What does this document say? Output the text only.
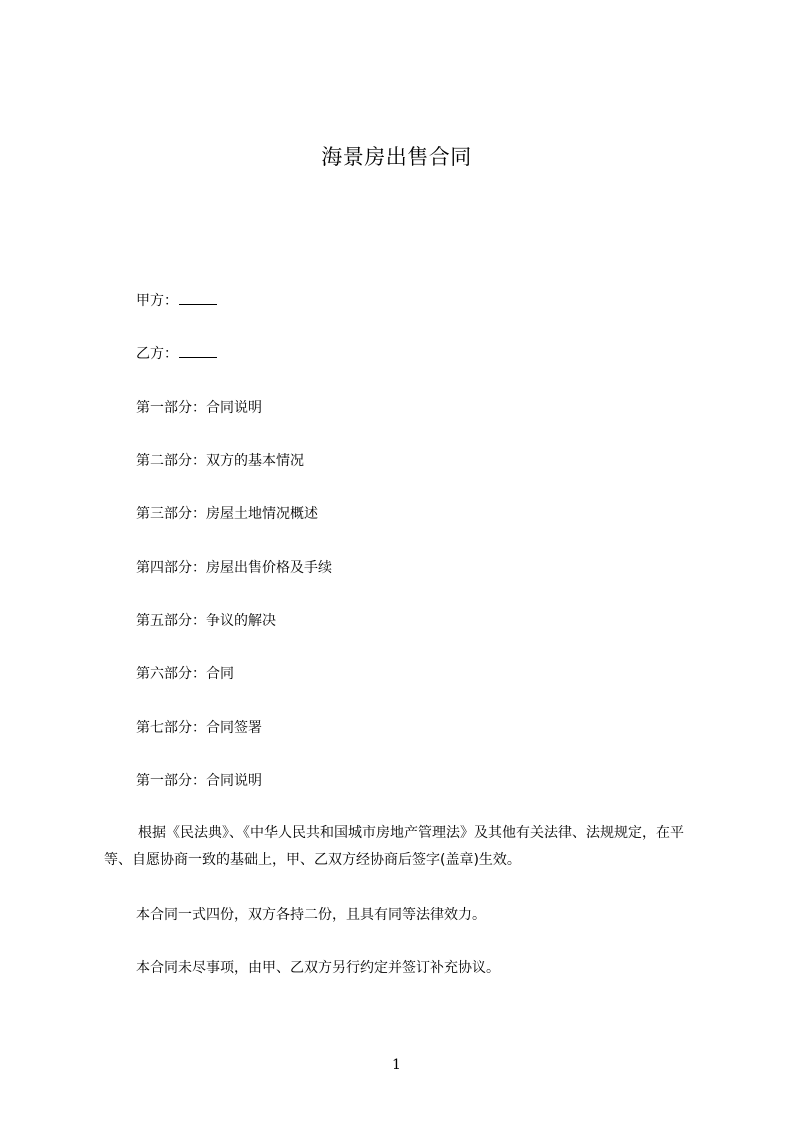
海景房出售合同
甲方：
乙方：
第一部分：合同说明
第二部分：双方的基本情况
第三部分：房屋土地情况概述
第四部分：房屋出售价格及手续
第五部分：争议的解决
第六部分：合同
第七部分：合同签署
第一部分：合同说明
根据《民法典》、《中华人民共和国城市房地产管理法》及其他有关法律、法规规定，在平等、自愿协商一致的基础上，甲、乙双方经协商后签字(盖章)生效。
本合同一式四份，双方各持二份，且具有同等法律效力。
本合同未尽事项，由甲、乙双方另行约定并签订补充协议。
1
